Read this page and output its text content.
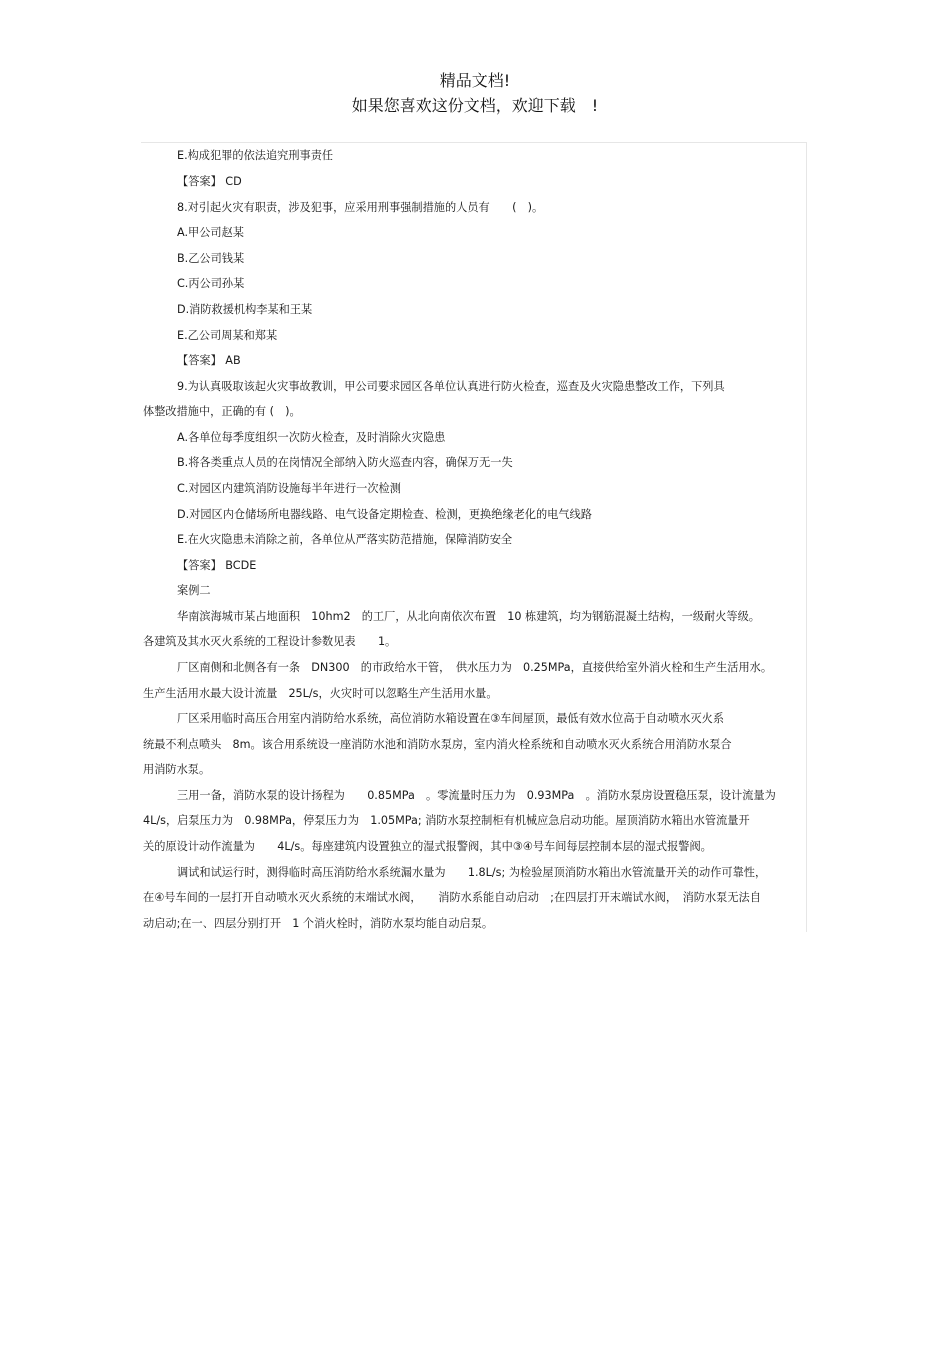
精品文档!
如果您喜欢这份文档，欢迎下载　!
E.构成犯罪的依法追究刑事责任
【答案】 CD
8.对引起火灾有职责，涉及犯事，应采用刑事强制措施的人员有　　(　)。
A.甲公司赵某
B.乙公司钱某
C.丙公司孙某
D.消防救援机构李某和王某
E.乙公司周某和郑某
【答案】 AB
9.为认真吸取该起火灾事故教训，甲公司要求园区各单位认真进行防火检查，巡查及火灾隐患整改工作，下列具
体整改措施中，正确的有 (　)。
A.各单位每季度组织一次防火检查，及时消除火灾隐患
B.将各类重点人员的在岗情况全部纳入防火巡查内容，确保万无一失
C.对园区内建筑消防设施每半年进行一次检测
D.对园区内仓储场所电器线路、电气设备定期检查、检测，更换绝缘老化的电气线路
E.在火灾隐患未消除之前，各单位从严落实防范措施，保障消防安全
【答案】 BCDE
案例二
华南滨海城市某占地面积　10hm2　的工厂，从北向南依次布置　10 栋建筑，均为钢筋混凝土结构，一级耐火等级。
各建筑及其水灭火系统的工程设计参数见表　　1。
厂区南侧和北侧各有一条　DN300　的市政给水干管，　供水压力为　0.25MPa，直接供给室外消火栓和生产生活用水。
生产生活用水最大设计流量　25L/s，火灾时可以忽略生产生活用水量。
厂区采用临时高压合用室内消防给水系统，高位消防水箱设置在③车间屋顶，最低有效水位高于自动喷水灭火系
统最不利点喷头　8m。该合用系统设一座消防水池和消防水泵房，室内消火栓系统和自动喷水灭火系统合用消防水泵合
用消防水泵。
三用一备，消防水泵的设计扬程为　　0.85MPa　。零流量时压力为　0.93MPa　。消防水泵房设置稳压泵，设计流量为
4L/s，启泵压力为　0.98MPa，停泵压力为　1.05MPa; 消防水泵控制柜有机械应急启动功能。屋顶消防水箱出水管流量开
关的原设计动作流量为　　4L/s。每座建筑内设置独立的湿式报警阀，其中③④号车间每层控制本层的湿式报警阀。
调试和试运行时，测得临时高压消防给水系统漏水量为　　1.8L/s; 为检验屋顶消防水箱出水管流量开关的动作可靠性，
在④号车间的一层打开自动喷水灭火系统的末端试水阀，　　消防水系能自动启动　;在四层打开末端试水阀，　消防水泵无法自
动启动;在一、四层分别打开　1 个消火栓时，消防水泵均能自动启泵。
